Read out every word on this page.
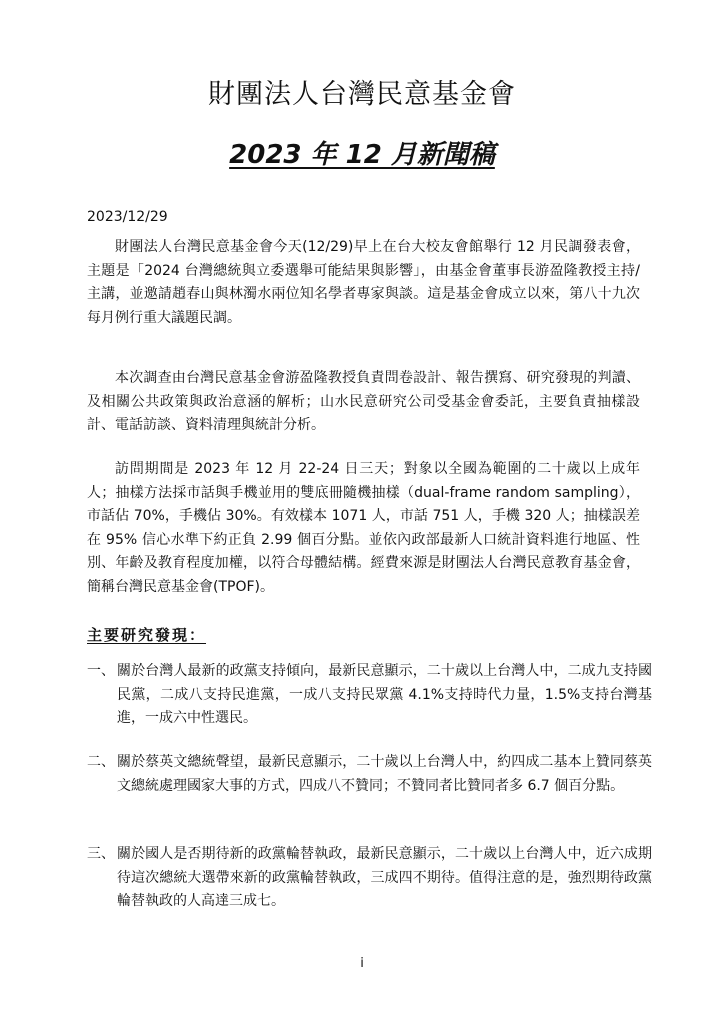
財團法人台灣民意基金會
2023 年 12 月新聞稿
2023/12/29

財團法人台灣民意基金會今天(12/29)早上在台大校友會館舉行 12 月民調發表會，主題是「2024 台灣總統與立委選舉可能結果與影響」，由基金會董事長游盈隆教授主持/主講，並邀請趙春山與林濁水兩位知名學者專家與談。這是基金會成立以來，第八十九次每月例行重大議題民調。

本次調查由台灣民意基金會游盈隆教授負責問卷設計、報告撰寫、研究發現的判讀、及相關公共政策與政治意涵的解析；山水民意研究公司受基金會委託，主要負責抽樣設計、電話訪談、資料清理與統計分析。

訪問期間是 2023 年 12 月 22-24 日三天；對象以全國為範圍的二十歲以上成年人；抽樣方法採市話與手機並用的雙底冊隨機抽樣（dual-frame random sampling），市話佔 70%，手機佔 30%。有效樣本 1071 人，市話 751 人，手機 320 人；抽樣誤差在 95% 信心水準下約正負 2.99 個百分點。並依內政部最新人口統計資料進行地區、性別、年齡及教育程度加權，以符合母體結構。經費來源是財團法人台灣民意教育基金會，簡稱台灣民意基金會(TPOF)。

主要研究發現：
一、 關於台灣人最新的政黨支持傾向，最新民意顯示，二十歲以上台灣人中，二成九支持國民黨，二成八支持民進黨，一成八支持民眾黨 4.1%支持時代力量，1.5%支持台灣基進，一成六中性選民。
二、 關於蔡英文總統聲望，最新民意顯示，二十歲以上台灣人中，約四成二基本上贊同蔡英文總統處理國家大事的方式，四成八不贊同；不贊同者比贊同者多 6.7 個百分點。
三、 關於國人是否期待新的政黨輪替執政，最新民意顯示，二十歲以上台灣人中，近六成期待這次總統大選帶來新的政黨輪替執政，三成四不期待。值得注意的是，強烈期待政黨輪替執政的人高達三成七。
i
